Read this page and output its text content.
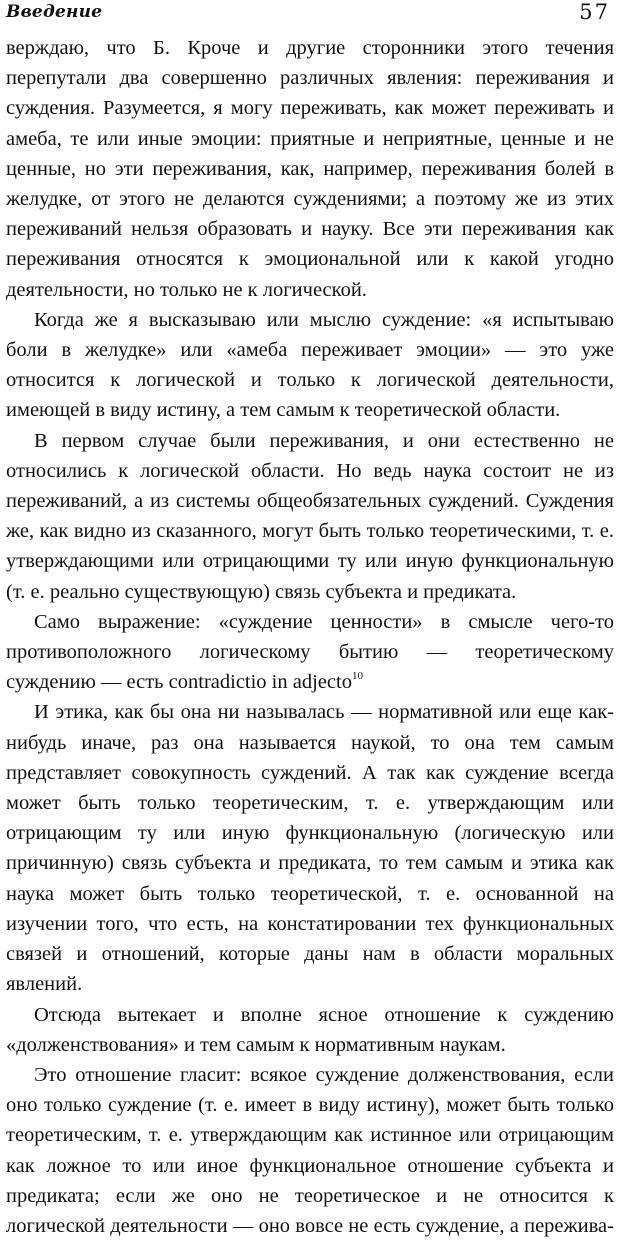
Введение	57

верждаю, что Б. Кроче и другие сторонники этого течения перепутали два совершенно различных явления: переживания и суждения. Разумеется, я могу переживать, как может переживать и амеба, те или иные эмоции: приятные и неприятные, ценные и не ценные, но эти переживания, как, например, переживания болей в желудке, от этого не делаются суждениями; а поэтому же из этих переживаний нельзя образовать и науку. Все эти переживания как переживания относятся к эмоциональной или к какой угодно деятельности, но только не к логической.

Когда же я высказываю или мыслю суждение: «я испытываю боли в желудке» или «амеба переживает эмоции» — это уже относится к логической и только к логической деятельности, имеющей в виду истину, а тем самым к теоретической области.

В первом случае были переживания, и они естественно не относились к логической области. Но ведь наука состоит не из переживаний, а из системы общеобязательных суждений. Суждения же, как видно из сказанного, могут быть только теоретическими, т. е. утверждающими или отрицающими ту или иную функциональную (т. е. реально существующую) связь субъекта и предиката.

Само выражение: «суждение ценности» в смысле чего-то противоположного логическому бытию — теоретическому суждению — есть contradictio in adjecto$^{10}$

И этика, как бы она ни называлась — нормативной или еще как-нибудь иначе, раз она называется наукой, то она тем самым представляет совокупность суждений. А так как суждение всегда может быть только теоретическим, т. е. утверждающим или отрицающим ту или иную функциональную (логическую или причинную) связь субъекта и предиката, то тем самым и этика как наука может быть только теоретической, т. е. основанной на изучении того, что есть, на констатировании тех функциональных связей и отношений, которые даны нам в области моральных явлений.

Отсюда вытекает и вполне ясное отношение к суждению «долженствования» и тем самым к нормативным наукам.

Это отношение гласит: всякое суждение долженствования, если оно только суждение (т. е. имеет в виду истину), может быть только теоретическим, т. е. утверждающим как истинное или отрицающим как ложное то или иное функциональное отношение субъекта и предиката; если же оно не теоретическое и не относится к логической деятельности — оно вовсе не есть суждение, а пережива-
